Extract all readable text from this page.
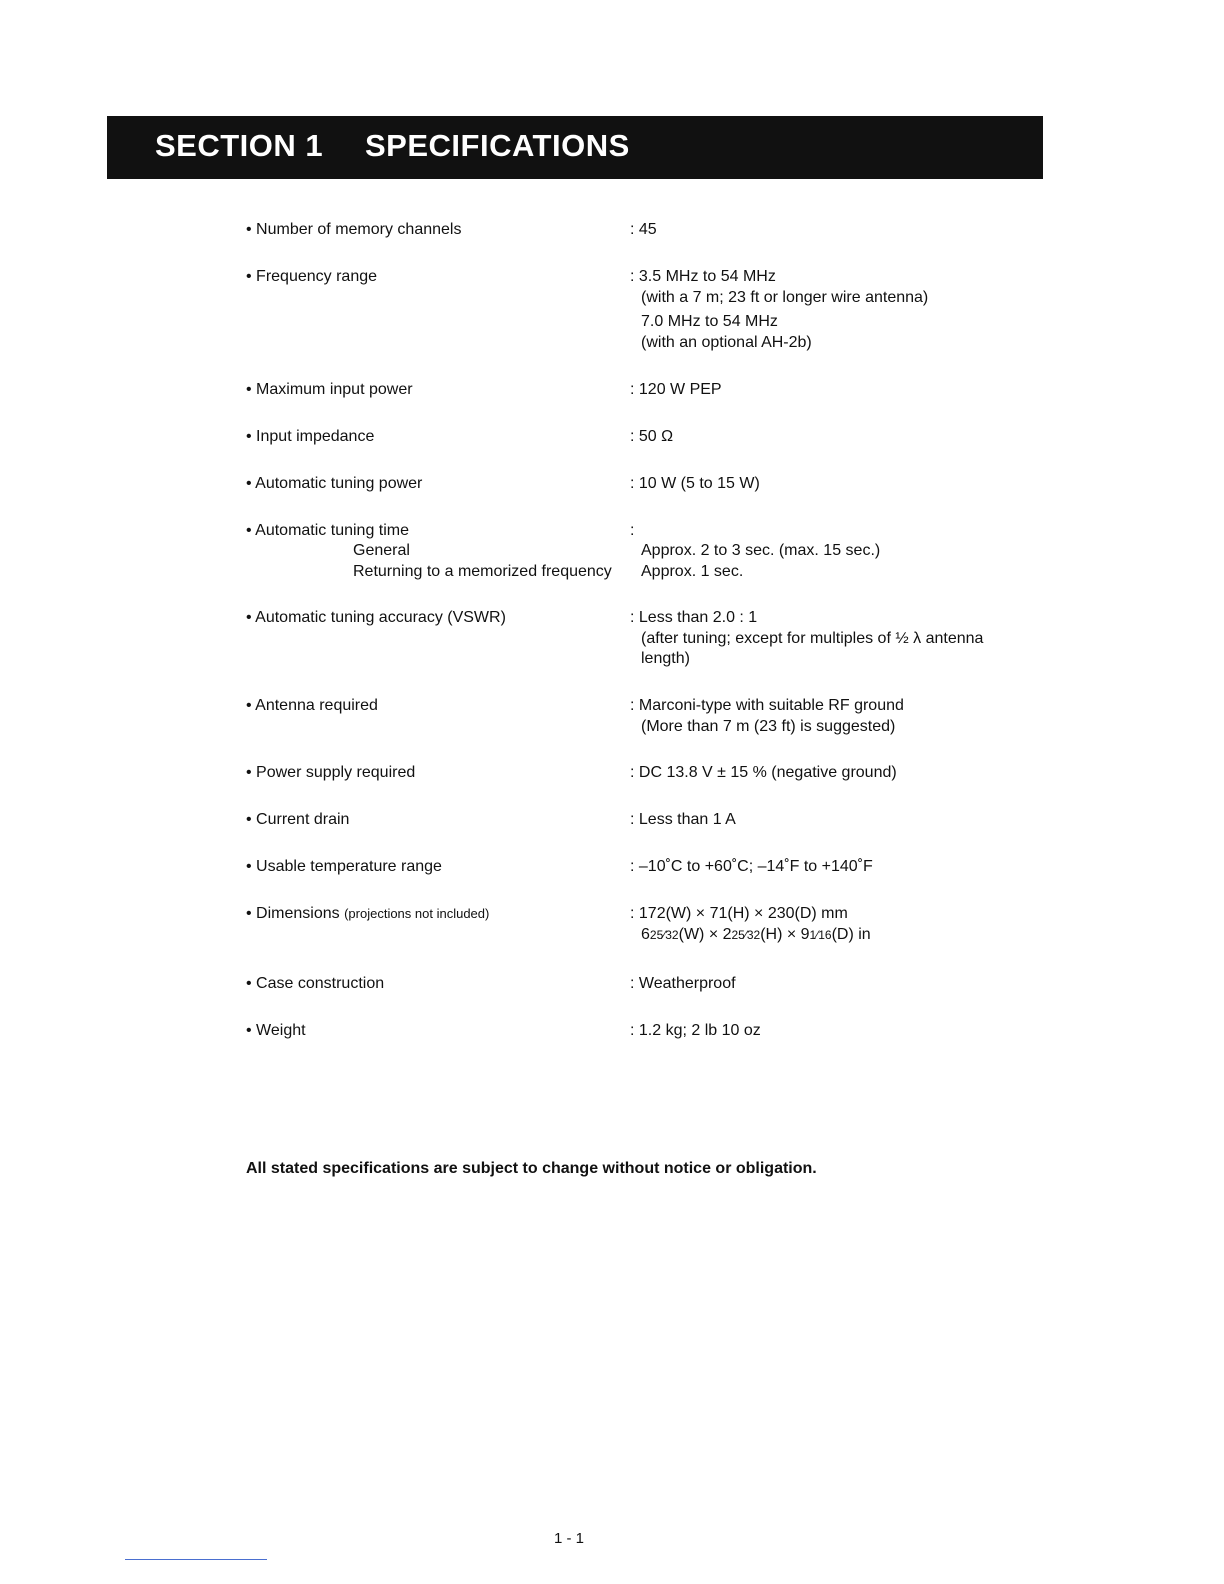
SECTION 1 SPECIFICATIONS
• Number of memory channels	: 45
• Frequency range	: 3.5 MHz to 54 MHz
(with a 7 m; 23 ft or longer wire antenna)
7.0 MHz to 54 MHz
(with an optional AH-2b)
• Maximum input power	: 120 W PEP
• Input impedance	: 50 Ω
• Automatic tuning power	: 10 W (5 to 15 W)
• Automatic tuning time	:
General	Approx. 2 to 3 sec. (max. 15 sec.)
Returning to a memorized frequency Approx. 1 sec.
• Automatic tuning accuracy (VSWR)	: Less than 2.0 : 1
(after tuning; except for multiples of ½ λ antenna
length)
• Antenna required	: Marconi-type with suitable RF ground
(More than 7 m (23 ft) is suggested)
• Power supply required	: DC 13.8 V ± 15 % (negative ground)
• Current drain	: Less than 1 A
• Usable temperature range	: –10˚C to +60˚C; –14˚F to +140˚F
• Dimensions (projections not included)	: 172(W) × 71(H) × 230(D) mm
625⁄32(W) × 225⁄32(H) × 91⁄16(D) in
• Case construction	: Weatherproof
• Weight	: 1.2 kg; 2 lb 10 oz
All stated specifications are subject to change without notice or obligation.
1 - 1
